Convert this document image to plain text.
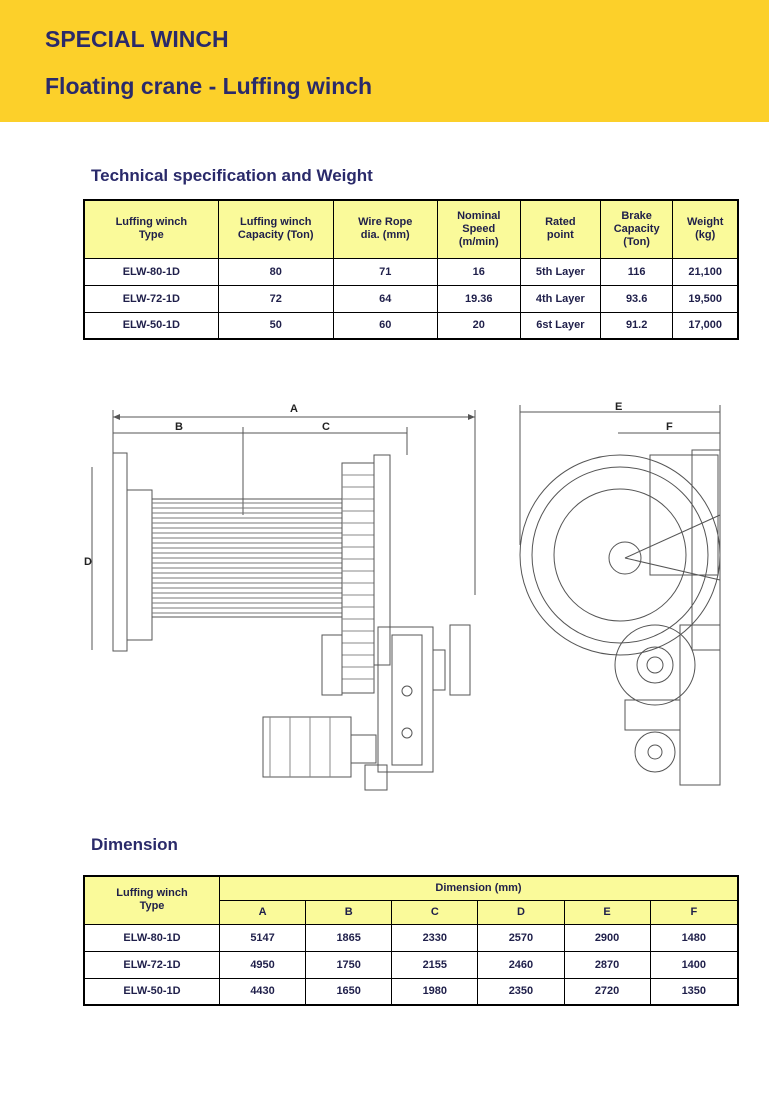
SPECIAL WINCH
Floating crane - Luffing winch
Technical specification and Weight
Luffing winch Type	Luffing winch Capacity (Ton)	Wire Rope dia. (mm)	Nominal Speed (m/min)	Rated point	Brake Capacity (Ton)	Weight (kg)

ELW-80-1D	80	71	16	5th Layer	116	21,100
ELW-72-1D	72	64	19.36	4th Layer	93.6	19,500
ELW-50-1D	50	60	20	6st Layer	91.2	17,000
A
B	C
D
E
F
Dimension
Luffing winch Type	Dimension (mm)					
	A	B	C	D	E	F
ELW-80-1D	5147	1865	2330	2570	2900	1480
ELW-72-1D	4950	1750	2155	2460	2870	1400
ELW-50-1D	4430	1650	1980	2350	2720	1350
